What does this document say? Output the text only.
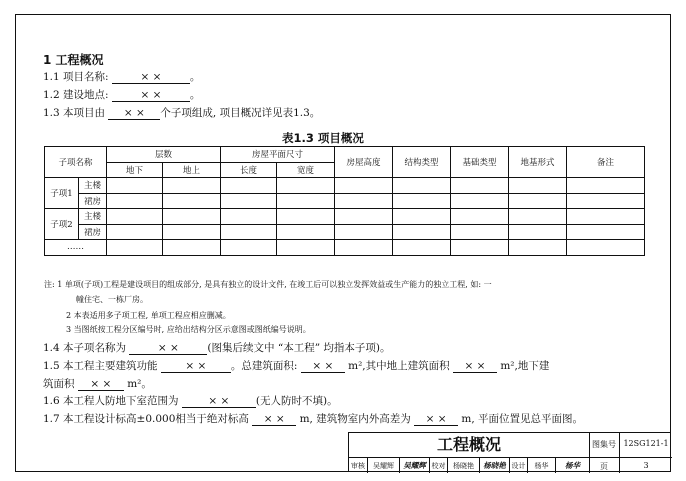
1 工程概况
1.1 项目名称:	× ×	。
1.2 建设地点:	× ×	。
1.3 本项目由 × × 个子项组成, 项目概况详见表1.3。
表1.3 项目概况
子项名称		层数		房屋平面尺寸		房屋高度	结构类型	基础类型	地基形式	备注
		地下	地上	长度	宽度					
子项1	主楼									
	裙房									
子项2	主楼									
	裙房									
……										
注: 1 单项(子项)工程是建设项目的组成部分, 是具有独立的设计文件, 在竣工后可以独立发挥效益或生产能力的独立工程, 如: 一
幢住宅、一栋厂房。
2 本表适用多子项工程, 单项工程应相应删减。
3 当图纸按工程分区编号时, 应给出结构分区示意图或图纸编号说明。
1.4 本子项名称为	× ×	(图集后续文中 “本工程” 均指本子项)。
1.5 本工程主要建筑功能	× × 。总建筑面积: × × m²,其中地上建筑面积 × × m²,地下建
筑面积 × × m²。
1.6 本工程人防地下室范围为	× ×	(无人防时不填)。
1.7 本工程设计标高±0.000相当于绝对标高 × × m, 建筑物室内外高差为 × × m, 平面位置见总平面图。
工程概况	图集号 12SG121-1
页	3
审核	吴耀辉	吴耀辉 校对	杨晓艳	杨晓艳 设计	杨华	杨华
